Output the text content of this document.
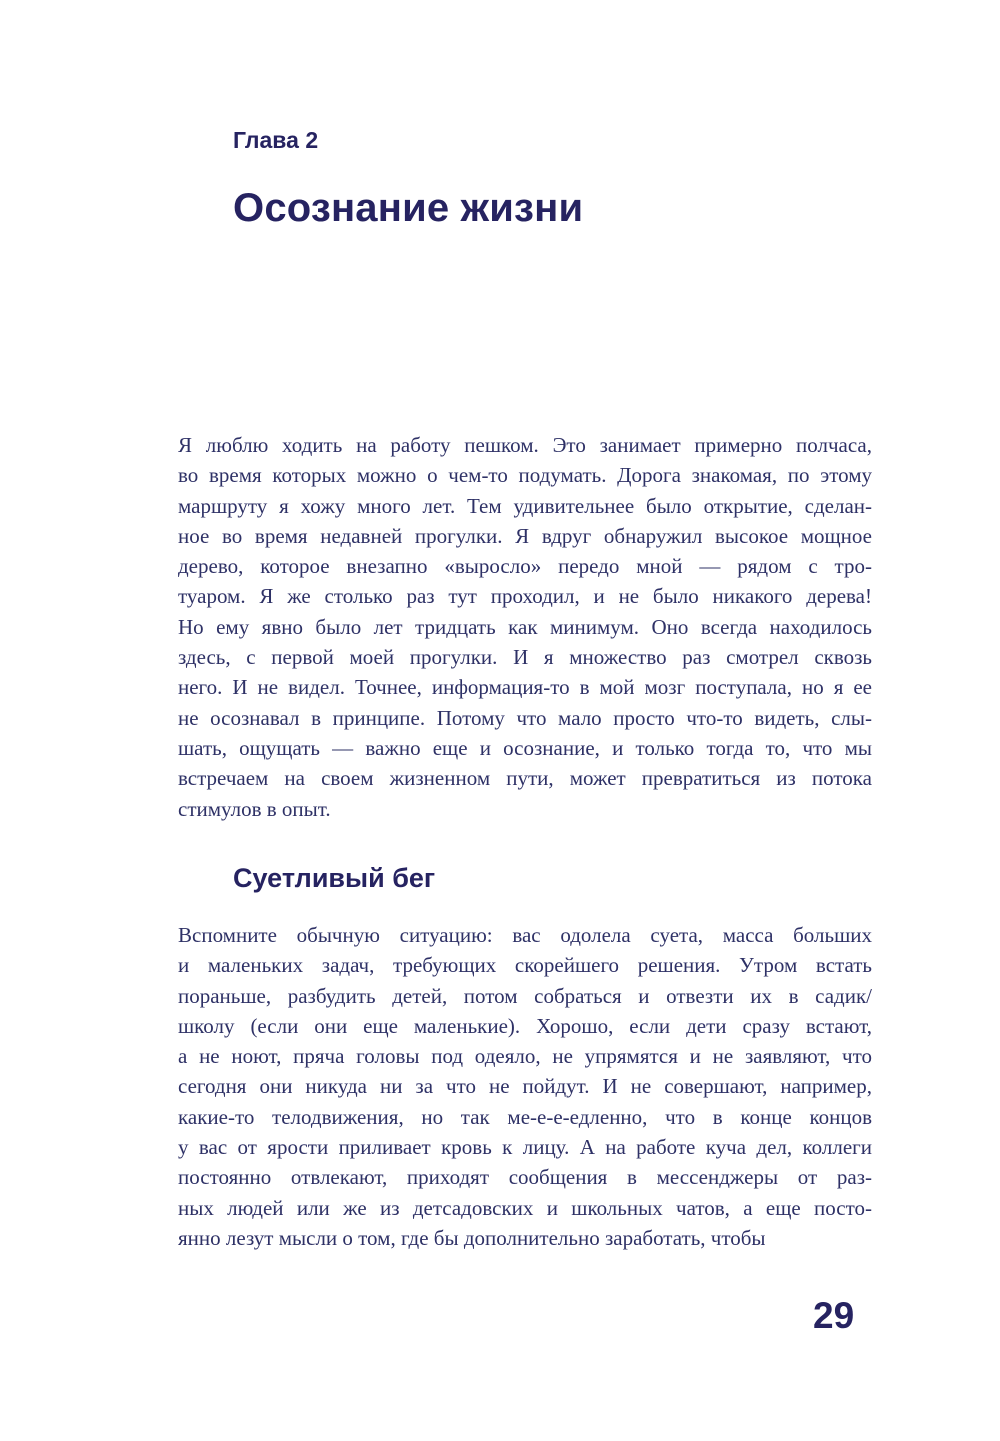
Глава 2
Осознание жизни
Я люблю ходить на работу пешком. Это занимает примерно полчаса,
во время которых можно о чем-то подумать. Дорога знакомая, по этому
маршруту я хожу много лет. Тем удивительнее было открытие, сделан-
ное во время недавней прогулки. Я вдруг обнаружил высокое мощное
дерево, которое внезапно «выросло» передо мной — рядом с тро-
туаром. Я же столько раз тут проходил, и не было никакого дерева!
Но ему явно было лет тридцать как минимум. Оно всегда находилось
здесь, с первой моей прогулки. И я множество раз смотрел сквозь
него. И не видел. Точнее, информация-то в мой мозг поступала, но я ее
не осознавал в принципе. Потому что мало просто что-то видеть, слы-
шать, ощущать — важно еще и осознание, и только тогда то, что мы
встречаем на своем жизненном пути, может превратиться из потока
стимулов в опыт.
Суетливый бег
Вспомните обычную ситуацию: вас одолела суета, масса больших
и маленьких задач, требующих скорейшего решения. Утром встать
пораньше, разбудить детей, потом собраться и отвезти их в садик/
школу (если они еще маленькие). Хорошо, если дети сразу встают,
а не ноют, пряча головы под одеяло, не упрямятся и не заявляют, что
сегодня они никуда ни за что не пойдут. И не совершают, например,
какие-то телодвижения, но так ме-е-е-едленно, что в конце концов
у вас от ярости приливает кровь к лицу. А на работе куча дел, коллеги
постоянно отвлекают, приходят сообщения в мессенджеры от раз-
ных людей или же из детсадовских и школьных чатов, а еще посто-
янно лезут мысли о том, где бы дополнительно заработать, чтобы
29
